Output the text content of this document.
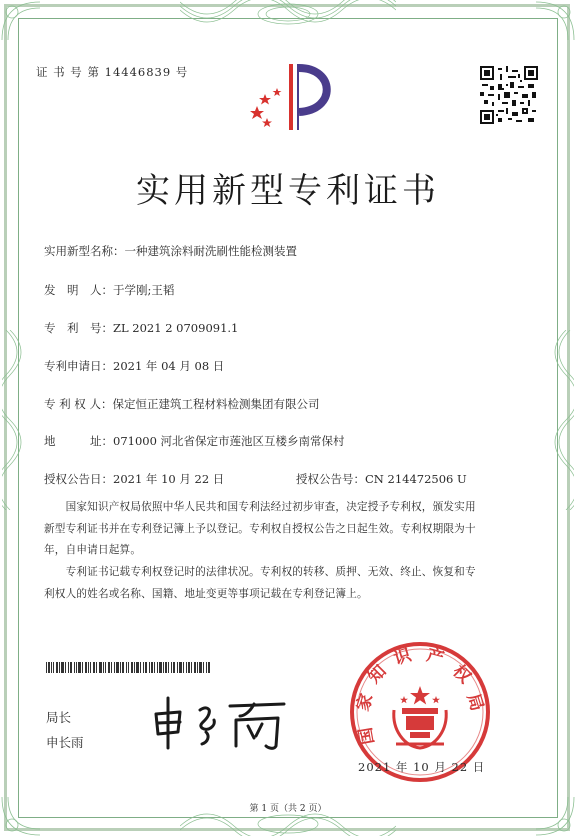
证 书 号 第 14446839 号
实用新型专利证书
实用新型名称：一种建筑涂料耐洗刷性能检测装置
发　明　人：于学刚;王韬
专　利　号：ZL 2021 2 0709091.1
专利申请日：2021 年 04 月 08 日
专 利 权 人：保定恒正建筑工程材料检测集团有限公司
地　　　址：071000 河北省保定市莲池区互楼乡南常保村
授权公告日：2021 年 10 月 22 日	授权公告号：CN 214472506 U
　　国家知识产权局依照中华人民共和国专利法经过初步审查，决定授予专利权，颁发实用
新型专利证书并在专利登记簿上予以登记。专利权自授权公告之日起生效。专利权期限为十
年，自申请日起算。
　　专利证书记载专利权登记时的法律状况。专利权的转移、质押、无效、终止、恢复和专
利权人的姓名或名称、国籍、地址变更等事项记载在专利登记簿上。
局长
申长雨	国
家
知
识 产
权
局
2021 年 10 月 22 日
第 1 页（共 2 页）
